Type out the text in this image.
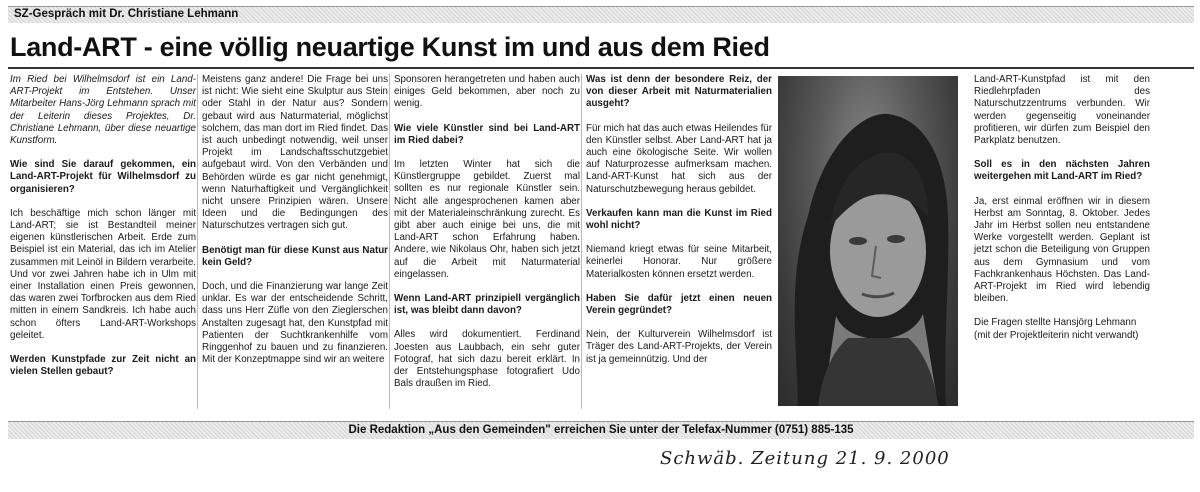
SZ-Gespräch mit Dr. Christiane Lehmann
Land-ART - eine völlig neuartige Kunst im und aus dem Ried

Im Ried bei Wilhelmsdorf ist ein Land-ART-Projekt im Entstehen. Unser Mitarbeiter Hans-Jörg Lehmann sprach mit der Leiterin dieses Projektes, Dr. Christiane Lehmann, über diese neuartige Kunstform.

Wie sind Sie darauf gekommen, ein Land-ART-Projekt für Wilhelmsdorf zu organisieren?

Ich beschäftige mich schon länger mit Land-ART; sie ist Bestandteil meiner eigenen künstlerischen Arbeit. Erde zum Beispiel ist ein Material, das ich im Atelier zusammen mit Leinöl in Bildern verarbeite. Und vor zwei Jahren habe ich in Ulm mit einer Installation einen Preis gewonnen, das waren zwei Torfbrocken aus dem Ried mitten in einem Sandkreis. Ich habe auch schon öfters Land-ART-Workshops geleitet.

Werden Kunstpfade zur Zeit nicht an vielen Stellen gebaut?

Meistens ganz andere! Die Frage bei uns ist nicht: Wie sieht eine Skulptur aus Stein oder Stahl in der Natur aus? Sondern gebaut wird aus Naturmaterial, möglichst solchem, das man dort im Ried findet. Das ist auch unbedingt notwendig, weil unser Projekt im Landschaftsschutzgebiet aufgebaut wird. Von den Verbänden und Behörden würde es gar nicht genehmigt, wenn Naturhaftigkeit und Vergänglichkeit nicht unsere Prinzipien wären. Unsere Ideen und die Bedingungen des Naturschutzes vertragen sich gut.

Benötigt man für diese Kunst aus Natur kein Geld?

Doch, und die Finanzierung war lange Zeit unklar. Es war der entscheidende Schritt, dass uns Herr Züfle von den Zieglerschen Anstalten zugesagt hat, den Kunstpfad mit Patienten der Suchtkrankenhilfe vom Ringgenhof zu bauen und zu finanzieren. Mit der Konzeptmappe sind wir an weitere

Sponsoren herangetreten und haben auch einiges Geld bekommen, aber noch zu wenig.

Wie viele Künstler sind bei Land-ART im Ried dabei?

Im letzten Winter hat sich die Künstlergruppe gebildet. Zuerst mal sollten es nur regionale Künstler sein. Nicht alle angesprochenen kamen aber mit der Materialeinschränkung zurecht. Es gibt aber auch einige bei uns, die mit Land-ART schon Erfahrung haben. Andere, wie Nikolaus Ohr, haben sich jetzt auf die Arbeit mit Naturmaterial eingelassen.

Wenn Land-ART prinzipiell vergänglich ist, was bleibt dann davon?

Alles wird dokumentiert. Ferdinand Joesten aus Laubbach, ein sehr guter Fotograf, hat sich dazu bereit erklärt. In der Entstehungsphase fotografiert Udo Bals draußen im Ried.

Was ist denn der besondere Reiz, der von dieser Arbeit mit Naturmaterialien ausgeht?

Für mich hat das auch etwas Heilendes für den Künstler selbst. Aber Land-ART hat ja auch eine ökologische Seite. Wir wollen auf Naturprozesse aufmerksam machen. Land-ART-Kunst hat sich aus der Naturschutzbewegung heraus gebildet.

Verkaufen kann man die Kunst im Ried wohl nicht?

Niemand kriegt etwas für seine Mitarbeit, keinerlei Honorar. Nur größere Materialkosten können ersetzt werden.

Haben Sie dafür jetzt einen neuen Verein gegründet?

Nein, der Kulturverein Wilhelmsdorf ist Träger des Land-ART-Projekts, der Verein ist ja gemeinnützig. Und der

Land-ART-Kunstpfad ist mit den Riedlehrpfaden des Naturschutzzentrums verbunden. Wir werden gegenseitig voneinander profitieren, wir dürfen zum Beispiel den Parkplatz benutzen.

Soll es in den nächsten Jahren weitergehen mit Land-ART im Ried?

Ja, erst einmal eröffnen wir in diesem Herbst am Sonntag, 8. Oktober. Jedes Jahr im Herbst sollen neu entstandene Werke vorgestellt werden. Geplant ist jetzt schon die Beteiligung von Gruppen aus dem Gymnasium und vom Fachkrankenhaus Höchsten. Das Land-ART-Projekt im Ried wird lebendig bleiben.

Die Fragen stellte Hansjörg Lehmann (mit der Projektleiterin nicht verwandt)

Die Redaktion „Aus den Gemeinden" erreichen Sie unter der Telefax-Nummer (0751) 885-135
Schwäb. Zeitung 21. 9. 2000
